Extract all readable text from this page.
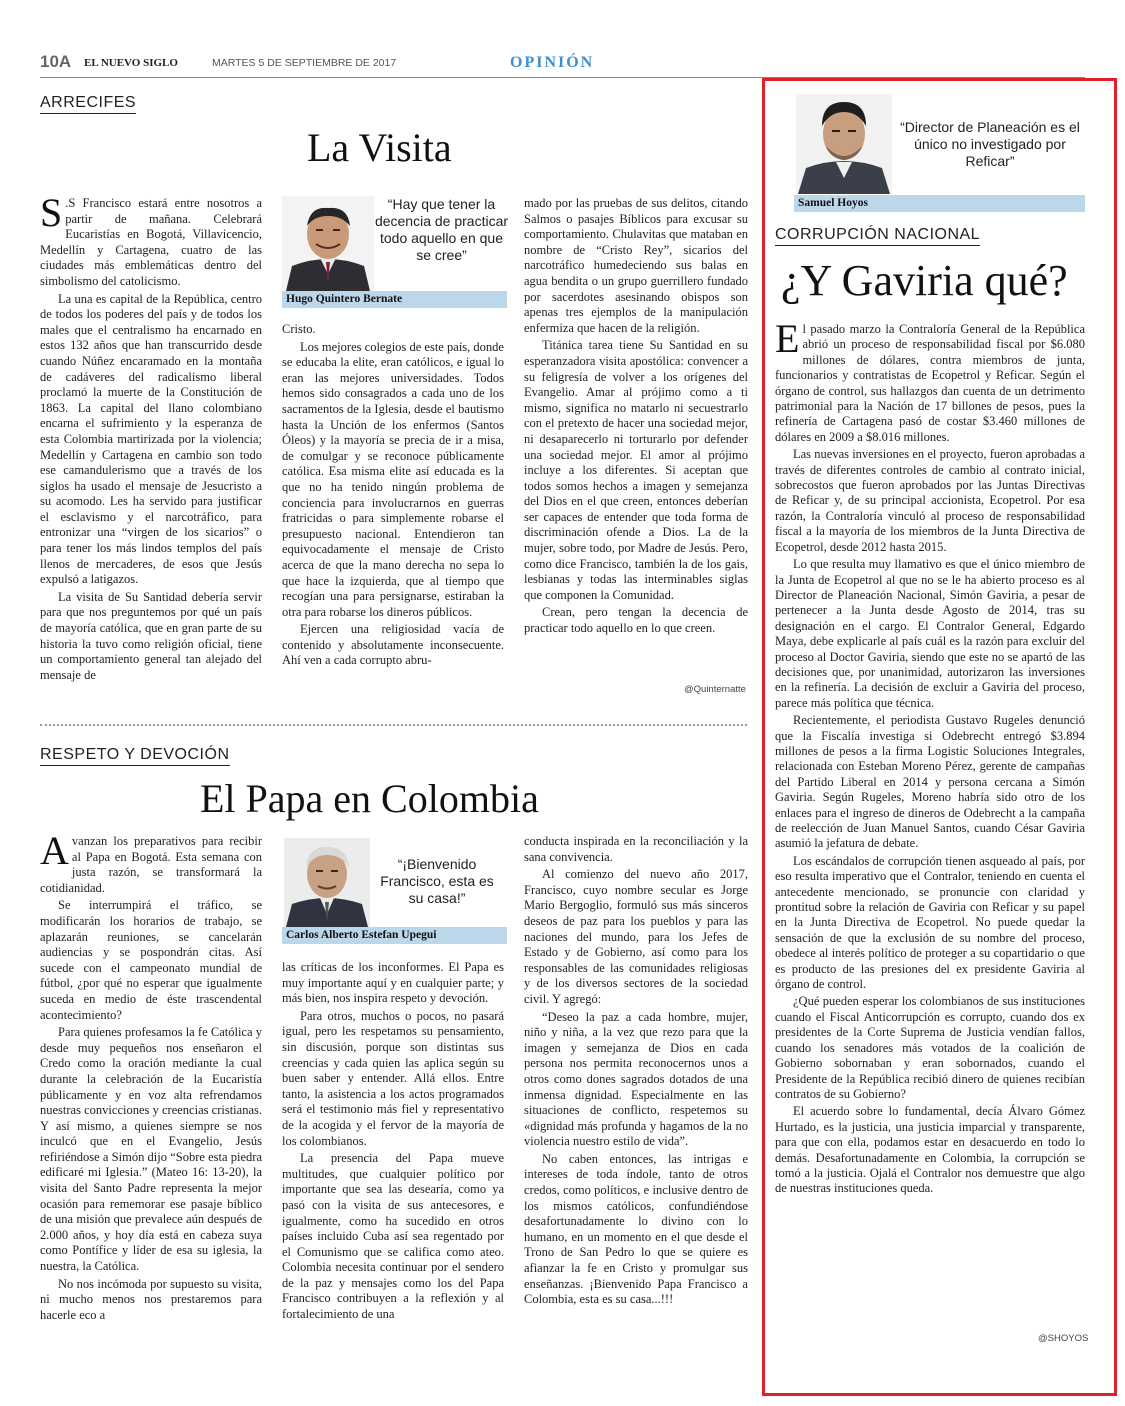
10A EL NUEVO SIGLO	MARTES 5 DE SEPTIEMBRE DE 2017	OPINIÓN
ARRECIFES
La Visita

S .S Francisco estará entre nosotros a partir de mañana. Celebrará Eucaristías en Bogotá, Villavicencio, Medellín y Cartagena, cuatro de las ciudades más emblemáticas dentro del simbolismo del catolicismo.

La una es capital de la República, centro de todos los poderes del país y de todos los males que el centralismo ha encarnado en estos 132 años que han transcurrido desde cuando Núñez encaramado en la montaña de cadáveres del radicalismo liberal proclamó la muerte de la Constitución de 1863. La capital del llano colombiano encarna el sufrimiento y la esperanza de esta Colombia martirizada por la violencia; Medellín y Cartagena en cambio son todo ese camandulerismo que a través de los siglos ha usado el mensaje de Jesucristo a su acomodo. Les ha servido para justificar el esclavismo y el narcotráfico, para entronizar una “virgen de los sicarios” o para tener los más lindos templos del país llenos de mercaderes, de esos que Jesús expulsó a latigazos.

La visita de Su Santidad debería servir para que nos preguntemos por qué un país de mayoría católica, que en gran parte de su historia la tuvo como religión oficial, tiene un comportamiento general tan alejado del mensaje de

“Hay que tener la decencia de practicar todo aquello en que se cree”
Hugo Quintero Bernate

Cristo.

Los mejores colegios de este país, donde se educaba la elite, eran católicos, e igual lo eran las mejores universidades. Todos hemos sido consagrados a cada uno de los sacramentos de la Iglesia, desde el bautismo hasta la Unción de los enfermos (Santos Óleos) y la mayoría se precia de ir a misa, de comulgar y se reconoce públicamente católica. Esa misma elite así educada es la que no ha tenido ningún problema de conciencia para involucrarnos en guerras fratricidas o para simplemente robarse el presupuesto nacional. Entendieron tan equivocadamente el mensaje de Cristo acerca de que la mano derecha no sepa lo que hace la izquierda, que al tiempo que recogían una para persignarse, estiraban la otra para robarse los dineros públicos.

Ejercen una religiosidad vacía de contenido y absolutamente inconsecuente. Ahí ven a cada corrupto abru-

mado por las pruebas de sus delitos, citando Salmos o pasajes Bíblicos para excusar su comportamiento. Chulavitas que mataban en nombre de “Cristo Rey”, sicarios del narcotráfico humedeciendo sus balas en agua bendita o un grupo guerrillero fundado por sacerdotes asesinando obispos son apenas tres ejemplos de la manipulación enfermiza que hacen de la religión.

Titánica tarea tiene Su Santidad en su esperanzadora visita apostólica: convencer a su feligresía de volver a los orígenes del Evangelio. Amar al prójimo como a ti mismo, significa no matarlo ni secuestrarlo con el pretexto de hacer una sociedad mejor, ni desaparecerlo ni torturarlo por defender una sociedad mejor. El amor al prójimo incluye a los diferentes. Si aceptan que todos somos hechos a imagen y semejanza del Dios en el que creen, entonces deberían ser capaces de entender que toda forma de discriminación ofende a Dios. La de la mujer, sobre todo, por Madre de Jesús. Pero, como dice Francisco, también la de los gais, lesbianas y todas las interminables siglas que componen la Comunidad.

Crean, pero tengan la decencia de practicar todo aquello en lo que creen.

@Quinternatte
RESPETO Y DEVOCIÓN
El Papa en Colombia

Avanzan los preparativos para recibir al Papa en Bogotá. Esta semana con justa razón, se transformará la cotidianidad.

Se interrumpirá el tráfico, se modificarán los horarios de trabajo, se aplazarán reuniones, se cancelarán audiencias y se pospondrán citas. Así sucede con el campeonato mundial de fútbol, ¿por qué no esperar que igualmente suceda en medio de éste trascendental acontecimiento?

Para quienes profesamos la fe Católica y desde muy pequeños nos enseñaron el Credo como la oración mediante la cual durante la celebración de la Eucaristía públicamente y en voz alta refrendamos nuestras convicciones y creencias cristianas. Y así mismo, a quienes siempre se nos inculcó que en el Evangelio, Jesús refiriéndose a Simón dijo “Sobre esta piedra edificaré mi Iglesia.” (Mateo 16: 13-20), la visita del Santo Padre representa la mejor ocasión para rememorar ese pasaje bíblico de una misión que prevalece aún después de 2.000 años, y hoy día está en cabeza suya como Pontífice y líder de esa su iglesia, la nuestra, la Católica.

No nos incómoda por supuesto su visita, ni mucho menos nos prestaremos para hacerle eco a

“¡Bienvenido Francisco, esta es su casa!”
Carlos Alberto Estefan Upegui

las críticas de los inconformes. El Papa es muy importante aquí y en cualquier parte; y más bien, nos inspira respeto y devoción.

Para otros, muchos o pocos, no pasará igual, pero les respetamos su pensamiento, sin discusión, porque son distintas sus creencias y cada quien las aplica según su buen saber y entender. Allá ellos. Entre tanto, la asistencia a los actos programados será el testimonio más fiel y representativo de la acogida y el fervor de la mayoría de los colombianos.

La presencia del Papa mueve multitudes, que cualquier político por importante que sea las desearía, como ya pasó con la visita de sus antecesores, e igualmente, como ha sucedido en otros países incluido Cuba así sea regentado por el Comunismo que se califica como ateo. Colombia necesita continuar por el sendero de la paz y mensajes como los del Papa Francisco contribuyen a la reflexión y al fortalecimiento de una

conducta inspirada en la reconciliación y la sana convivencia.

Al comienzo del nuevo año 2017, Francisco, cuyo nombre secular es Jorge Mario Bergoglio, formuló sus más sinceros deseos de paz para los pueblos y para las naciones del mundo, para los Jefes de Estado y de Gobierno, así como para los responsables de las comunidades religiosas y de los diversos sectores de la sociedad civil. Y agregó:

“Deseo la paz a cada hombre, mujer, niño y niña, a la vez que rezo para que la imagen y semejanza de Dios en cada persona nos permita reconocernos unos a otros como dones sagrados dotados de una inmensa dignidad. Especialmente en las situaciones de conflicto, respetemos su «dignidad más profunda y hagamos de la no violencia nuestro estilo de vida”.

No caben entonces, las intrigas e intereses de toda índole, tanto de otros credos, como políticos, e inclusive dentro de los mismos católicos, confundiéndose desafortunadamente lo divino con lo humano, en un momento en el que desde el Trono de San Pedro lo que se quiere es afianzar la fe en Cristo y promulgar sus enseñanzas. ¡Bienvenido Papa Francisco a Colombia, esta es su casa...!!!

“Director de Planeación es el único no investigado por Reficar”
Samuel Hoyos
CORRUPCIÓN NACIONAL
¿Y Gaviria qué?

El pasado marzo la Contraloría General de la República abrió un proceso de responsabilidad fiscal por $6.080 millones de dólares, contra miembros de junta, funcionarios y contratistas de Ecopetrol y Reficar. Según el órgano de control, sus hallazgos dan cuenta de un detrimento patrimonial para la Nación de 17 billones de pesos, pues la refinería de Cartagena pasó de costar $3.460 millones de dólares en 2009 a $8.016 millones.

Las nuevas inversiones en el proyecto, fueron aprobadas a través de diferentes controles de cambio al contrato inicial, sobrecostos que fueron aprobados por las Juntas Directivas de Reficar y, de su principal accionista, Ecopetrol. Por esa razón, la Contraloría vinculó al proceso de responsabilidad fiscal a la mayoría de los miembros de la Junta Directiva de Ecopetrol, desde 2012 hasta 2015.

Lo que resulta muy llamativo es que el único miembro de la Junta de Ecopetrol al que no se le ha abierto proceso es al Director de Planeación Nacional, Simón Gaviria, a pesar de pertenecer a la Junta desde Agosto de 2014, tras su designación en el cargo. El Contralor General, Edgardo Maya, debe explicarle al país cuál es la razón para excluir del proceso al Doctor Gaviria, siendo que este no se apartó de las decisiones que, por unanimidad, autorizaron las inversiones en la refinería. La decisión de excluir a Gaviria del proceso, parece más política que técnica.

Recientemente, el periodista Gustavo Rugeles denunció que la Fiscalía investiga si Odebrecht entregó $3.894 millones de pesos a la firma Logistic Soluciones Integrales, relacionada con Esteban Moreno Pérez, gerente de campañas del Partido Liberal en 2014 y persona cercana a Simón Gaviria. Según Rugeles, Moreno habría sido otro de los enlaces para el ingreso de dineros de Odebrecht a la campaña de reelección de Juan Manuel Santos, cuando César Gaviria asumió la jefatura de debate.

Los escándalos de corrupción tienen asqueado al país, por eso resulta imperativo que el Contralor, teniendo en cuenta el antecedente mencionado, se pronuncie con claridad y prontitud sobre la relación de Gaviria con Reficar y su papel en la Junta Directiva de Ecopetrol. No puede quedar la sensación de que la exclusión de su nombre del proceso, obedece al interés político de proteger a su copartidario o que es producto de las presiones del ex presidente Gaviria al órgano de control.

¿Qué pueden esperar los colombianos de sus instituciones cuando el Fiscal Anticorrupción es corrupto, cuando dos ex presidentes de la Corte Suprema de Justicia vendían fallos, cuando los senadores más votados de la coalición de Gobierno sobornaban y eran sobornados, cuando el Presidente de la República recibió dinero de quienes recibían contratos de su Gobierno?

El acuerdo sobre lo fundamental, decía Álvaro Gómez Hurtado, es la justicia, una justicia imparcial y transparente, para que con ella, podamos estar en desacuerdo en todo lo demás. Desafortunadamente en Colombia, la corrupción se tomó a la justicia. Ojalá el Contralor nos demuestre que algo de nuestras instituciones queda.

@SHOYOS
